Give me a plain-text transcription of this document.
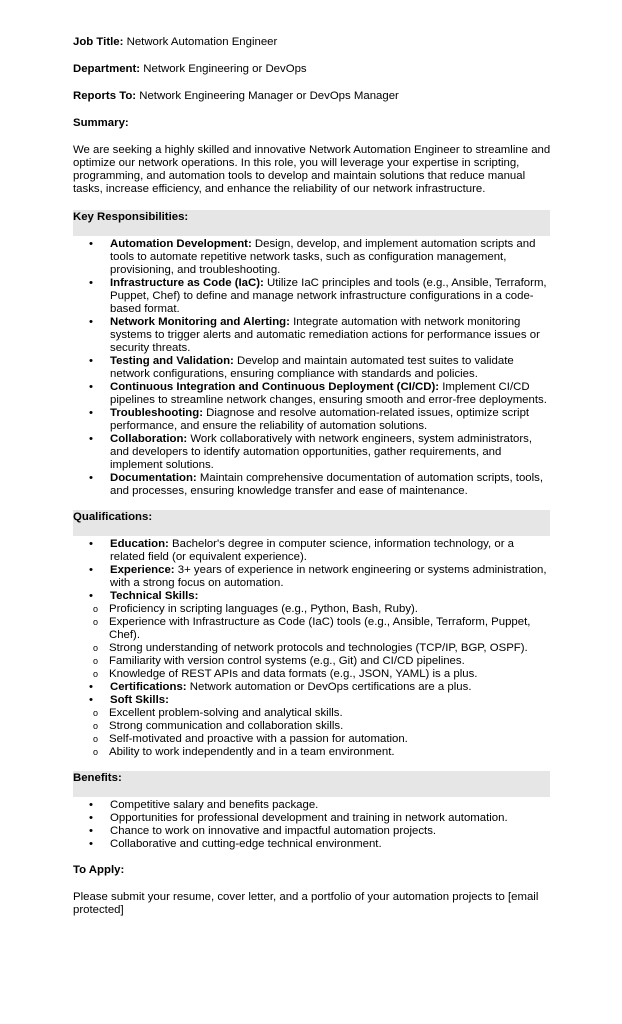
Job Title: Network Automation Engineer

Department: Network Engineering or DevOps

Reports To: Network Engineering Manager or DevOps Manager

Summary:

We are seeking a highly skilled and innovative Network Automation Engineer to streamline and optimize our network operations. In this role, you will leverage your expertise in scripting, programming, and automation tools to develop and maintain solutions that reduce manual tasks, increase efficiency, and enhance the reliability of our network infrastructure.

Key Responsibilities:
• Automation Development: Design, develop, and implement automation scripts and tools to automate repetitive network tasks, such as configuration management, provisioning, and troubleshooting.
• Infrastructure as Code (IaC): Utilize IaC principles and tools (e.g., Ansible, Terraform, Puppet, Chef) to define and manage network infrastructure configurations in a code-based format.
• Network Monitoring and Alerting: Integrate automation with network monitoring systems to trigger alerts and automatic remediation actions for performance issues or security threats.
• Testing and Validation: Develop and maintain automated test suites to validate network configurations, ensuring compliance with standards and policies.
• Continuous Integration and Continuous Deployment (CI/CD): Implement CI/CD pipelines to streamline network changes, ensuring smooth and error-free deployments.
• Troubleshooting: Diagnose and resolve automation-related issues, optimize script performance, and ensure the reliability of automation solutions.
• Collaboration: Work collaboratively with network engineers, system administrators, and developers to identify automation opportunities, gather requirements, and implement solutions.
• Documentation: Maintain comprehensive documentation of automation scripts, tools, and processes, ensuring knowledge transfer and ease of maintenance.
Qualifications:
• Education: Bachelor's degree in computer science, information technology, or a related field (or equivalent experience).
• Experience: 3+ years of experience in network engineering or systems administration, with a strong focus on automation.
• Technical Skills:
o Proficiency in scripting languages (e.g., Python, Bash, Ruby).
o Experience with Infrastructure as Code (IaC) tools (e.g., Ansible, Terraform, Puppet, Chef).
o Strong understanding of network protocols and technologies (TCP/IP, BGP, OSPF).
o Familiarity with version control systems (e.g., Git) and CI/CD pipelines.
o Knowledge of REST APIs and data formats (e.g., JSON, YAML) is a plus.
• Certifications: Network automation or DevOps certifications are a plus.
• Soft Skills:
o Excellent problem-solving and analytical skills.
o Strong communication and collaboration skills.
o Self-motivated and proactive with a passion for automation.
o Ability to work independently and in a team environment.
Benefits:
• Competitive salary and benefits package.
• Opportunities for professional development and training in network automation.
• Chance to work on innovative and impactful automation projects.
• Collaborative and cutting-edge technical environment.

To Apply:

Please submit your resume, cover letter, and a portfolio of your automation projects to [email protected]
